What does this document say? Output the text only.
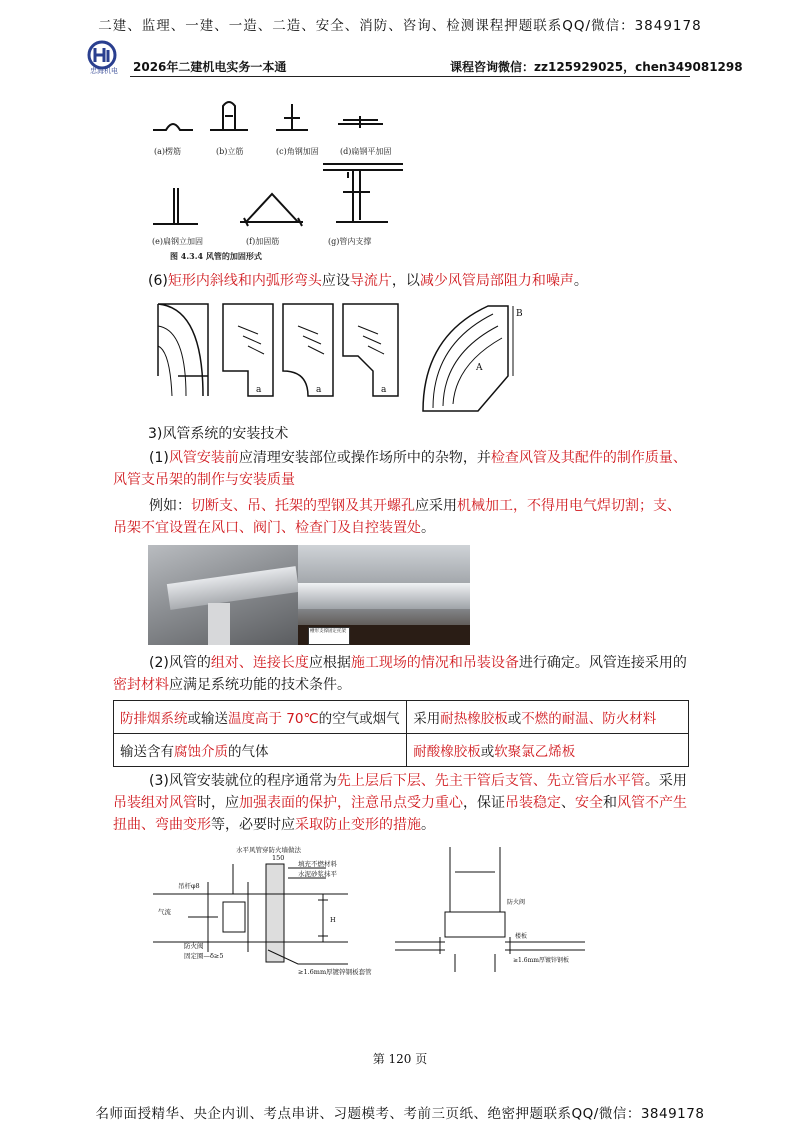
二建、监理、一建、一造、二造、安全、消防、咨询、检测课程押题联系QQ/微信：3849178
忠海机电	2026年二建机电实务一本通	课程咨询微信：zz125929025，chen349081298
(a)楞筋	(b)立筋	(c)角钢加固	(d)扁钢平加固
(e)扁钢立加固	(f)加固筋	(g)管内支撑
图 4.3.4 风管的加固形式
(6)矩形内斜线和内弧形弯头应设导流片，以减少风管局部阻力和噪声。
a	a	a
B
A
3)风管系统的安装技术
(1)风管安装前应清理安装部位或操作场所中的杂物，并检查风管及其配件的制作质量、风管支吊架的制作与安装质量
例如：切断支、吊、托架的型钢及其开螺孔应采用机械加工，不得用电气焊切割；支、吊架不宜设置在风口、阀门、检查门及自控装置处。
槽形支撑固定托架
(2)风管的组对、连接长度应根据施工现场的情况和吊装设备进行确定。风管连接采用的密封材料应满足系统功能的技术条件。
防排烟系统或输送温度高于 70℃的空气或烟气	采用耐热橡胶板或不燃的耐温、防火材料
输送含有腐蚀介质的气体	耐酸橡胶板或软聚氯乙烯板
(3)风管安装就位的程序通常为先上层后下层、先主干管后支管、先立管后水平管。采用吊装组对风管时，应加强表面的保护，注意吊点受力重心，保证吊装稳定、安全和风管不产生扭曲、弯曲变形等，必要时应采取防止变形的措施。
水平风管穿防火墙做法
150
填充不燃材料
水泥砂浆抹平
吊杆φ8
气流
防火阀
固定圈—δ≥5
≥1.6mm厚镀锌钢板套管
H
防火阀
楼板
≥1.6mm厚镀锌钢板
第 120 页
名师面授精华、央企内训、考点串讲、习题模考、考前三页纸、绝密押题联系QQ/微信：3849178
